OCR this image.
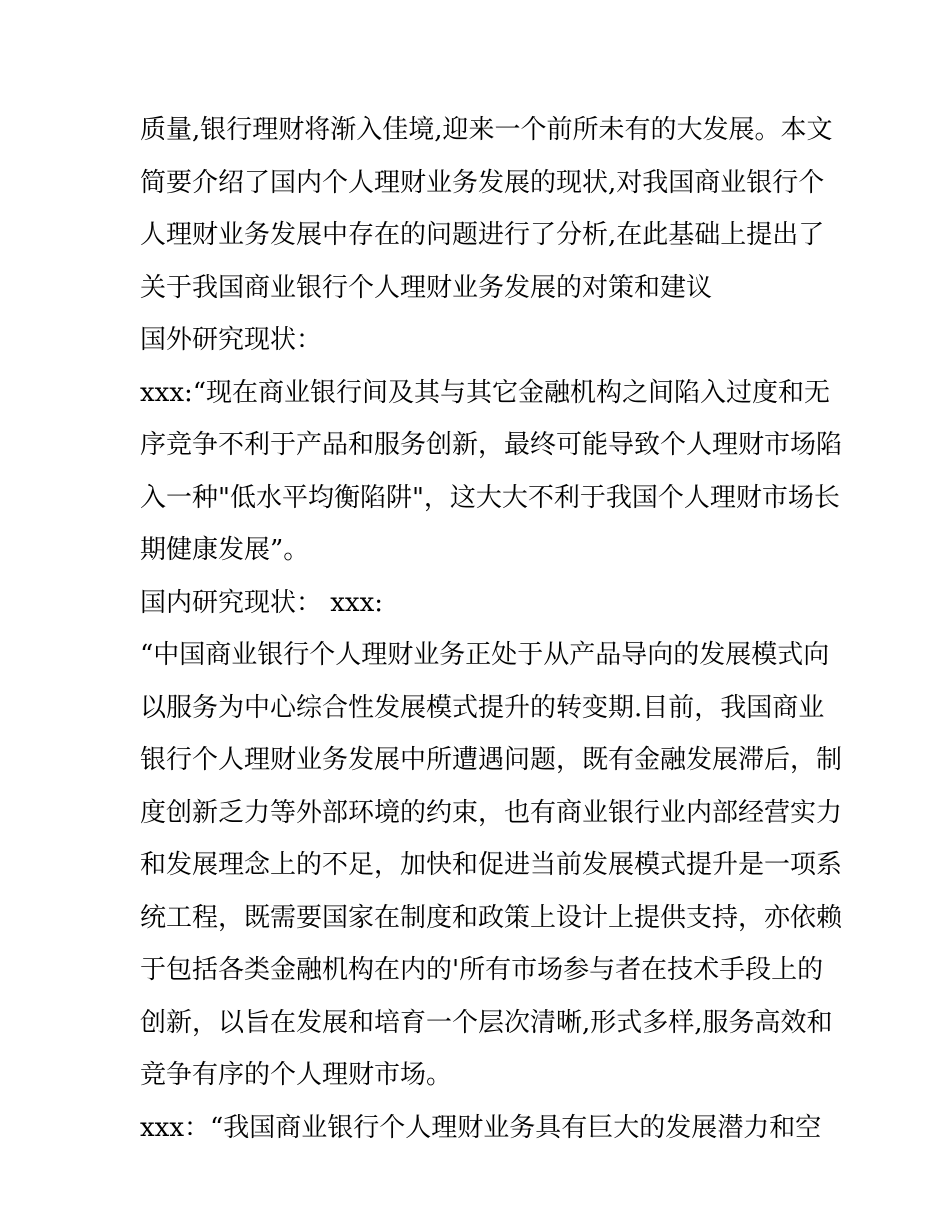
质量,银行理财将渐入佳境,迎来一个前所未有的大发展。本文
简要介绍了国内个人理财业务发展的现状,对我国商业银行个
人理财业务发展中存在的问题进行了分析,在此基础上提出了
关于我国商业银行个人理财业务发展的对策和建议
国外研究现状：
xxx:“现在商业银行间及其与其它金融机构之间陷入过度和无
序竞争不利于产品和服务创新，最终可能导致个人理财市场陷
入一种"低水平均衡陷阱"，这大大不利于我国个人理财市场长
期健康发展”。
国内研究现状： xxx:
“中国商业银行个人理财业务正处于从产品导向的发展模式向
以服务为中心综合性发展模式提升的转变期.目前，我国商业
银行个人理财业务发展中所遭遇问题，既有金融发展滞后，制
度创新乏力等外部环境的约束，也有商业银行业内部经营实力
和发展理念上的不足，加快和促进当前发展模式提升是一项系
统工程，既需要国家在制度和政策上设计上提供支持，亦依赖
于包括各类金融机构在内的'所有市场参与者在技术手段上的
创新，以旨在发展和培育一个层次清晰,形式多样,服务高效和
竞争有序的个人理财市场。
xxx：“我国商业银行个人理财业务具有巨大的发展潜力和空
